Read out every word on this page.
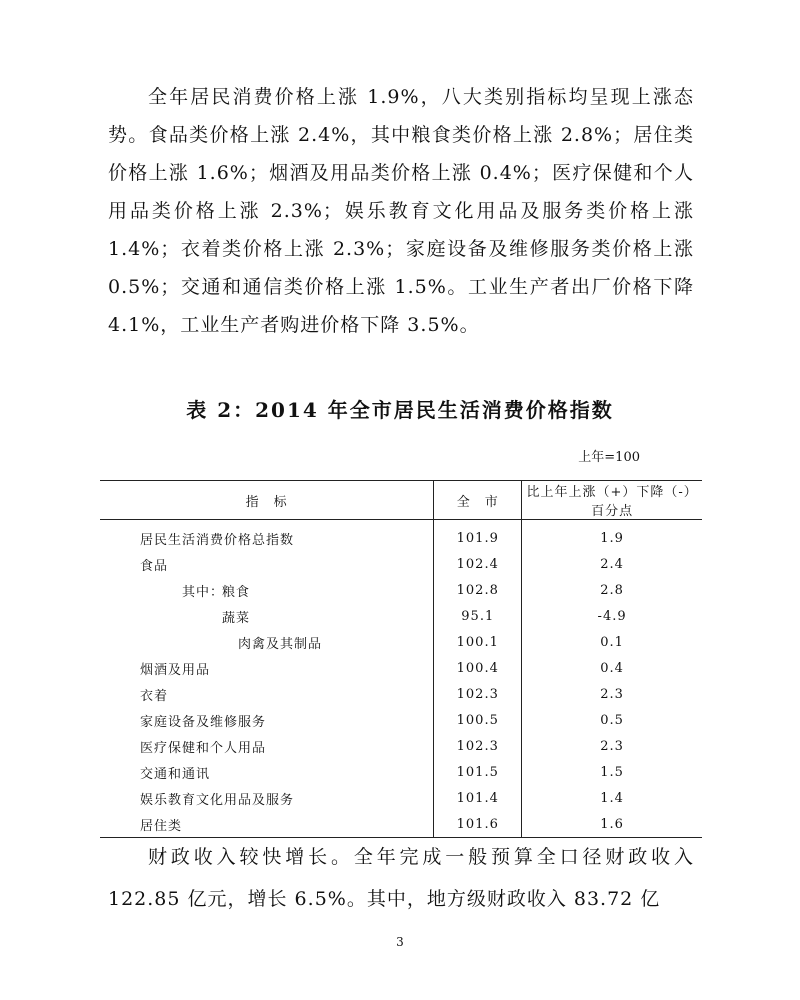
全年居民消费价格上涨 1.9%，八大类别指标均呈现上涨态势。食品类价格上涨 2.4%，其中粮食类价格上涨 2.8%；居住类价格上涨 1.6%；烟酒及用品类价格上涨 0.4%；医疗保健和个人用品类价格上涨 2.3%；娱乐教育文化用品及服务类价格上涨 1.4%；衣着类价格上涨 2.3%；家庭设备及维修服务类价格上涨 0.5%；交通和通信类价格上涨 1.5%。工业生产者出厂价格下降 4.1%，工业生产者购进价格下降 3.5%。

表 2：2014 年全市居民生活消费价格指数
上年=100
指　标	全　市	比上年上涨（+）下降（-）百分点
居民生活消费价格总指数	101.9	1.9
食品	102.4	2.4
其中：粮食	102.8	2.8
蔬菜	95.1	-4.9
肉禽及其制品	100.1	0.1
烟酒及用品	100.4	0.4
衣着	102.3	2.3
家庭设备及维修服务	100.5	0.5
医疗保健和个人用品	102.3	2.3
交通和通讯	101.5	1.5
娱乐教育文化用品及服务	101.4	1.4
居住类	101.6	1.6

财政收入较快增长。全年完成一般预算全口径财政收入 122.85 亿元，增长 6.5%。其中，地方级财政收入 83.72 亿

3
